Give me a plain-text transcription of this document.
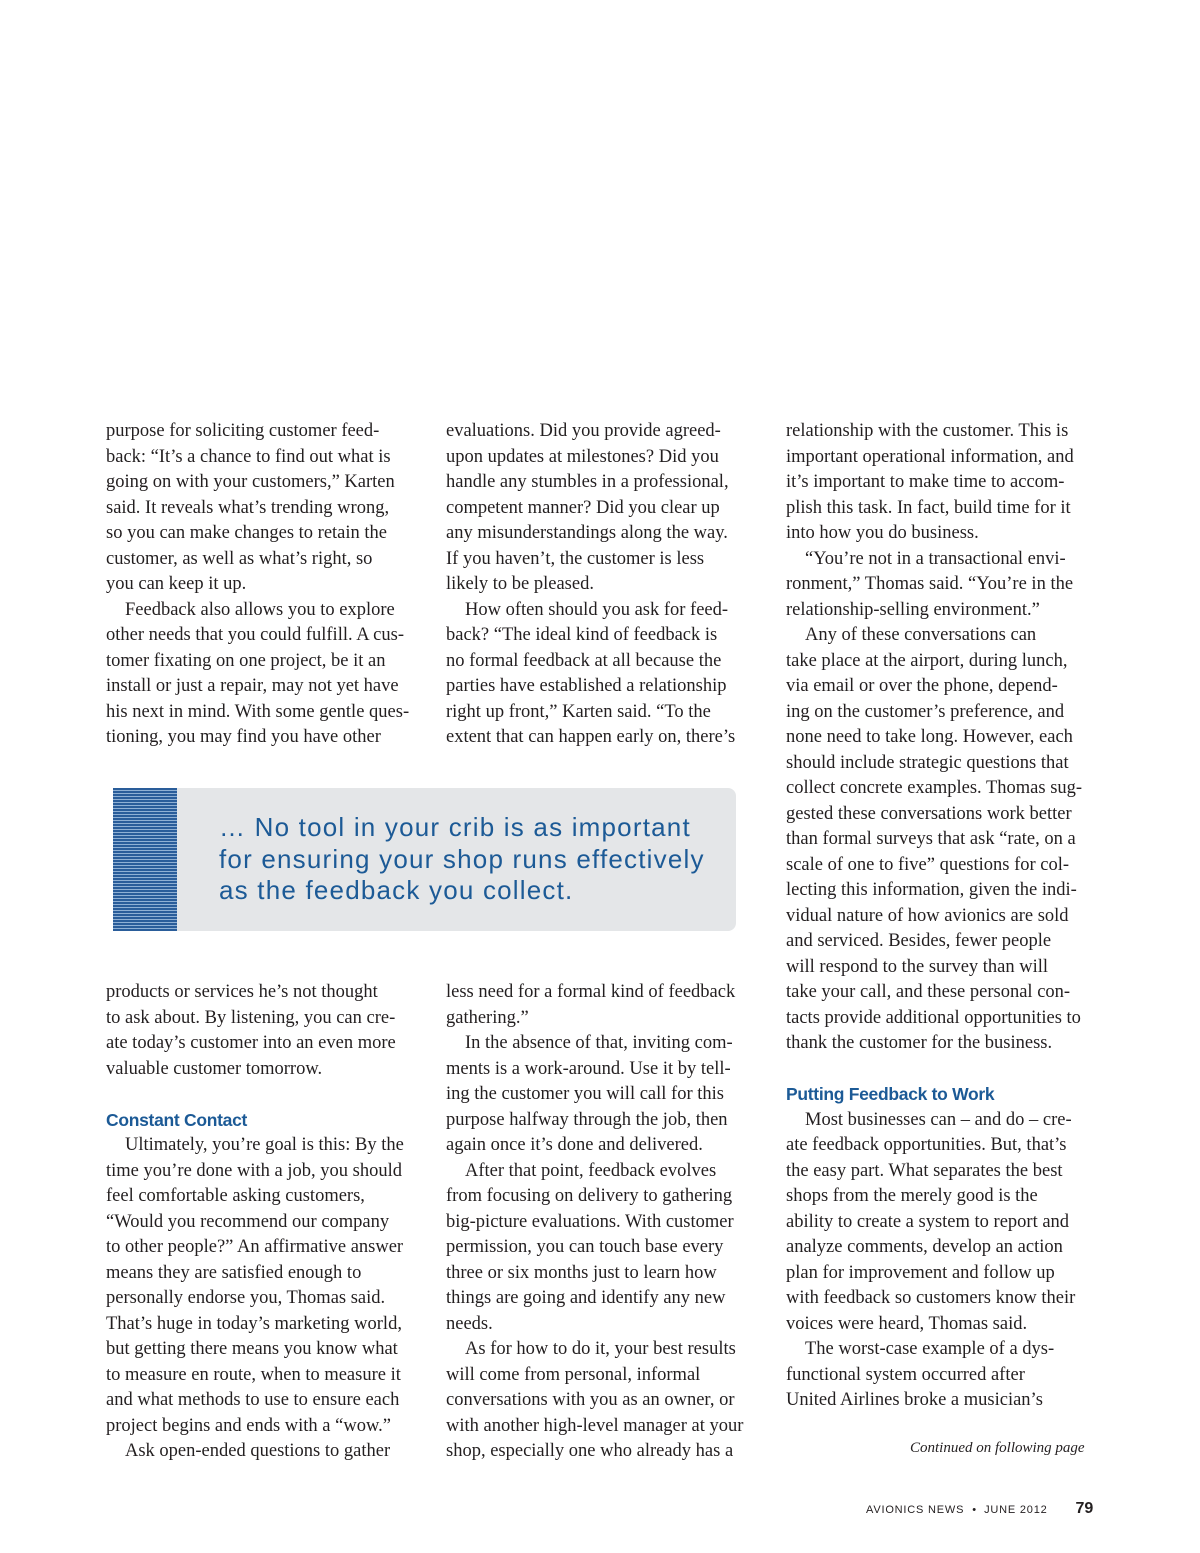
purpose for soliciting customer feed-
back: “It’s a chance to find out what is
going on with your customers,” Karten
said. It reveals what’s trending wrong,
so you can make changes to retain the
customer, as well as what’s right, so
you can keep it up.
Feedback also allows you to explore
other needs that you could fulfill. A cus-
tomer fixating on one project, be it an
install or just a repair, may not yet have
his next in mind. With some gentle ques-
tioning, you may find you have other
products or services he’s not thought
to ask about. By listening, you can cre-
ate today’s customer into an even more
valuable customer tomorrow.
Constant Contact
Ultimately, you’re goal is this: By the
time you’re done with a job, you should
feel comfortable asking customers,
“Would you recommend our company
to other people?” An affirmative answer
means they are satisfied enough to
personally endorse you, Thomas said.
That’s huge in today’s marketing world,
but getting there means you know what
to measure en route, when to measure it
and what methods to use to ensure each
project begins and ends with a “wow.”
Ask open-ended questions to gather
evaluations. Did you provide agreed-
upon updates at milestones? Did you
handle any stumbles in a professional,
competent manner? Did you clear up
any misunderstandings along the way.
If you haven’t, the customer is less
likely to be pleased.
How often should you ask for feed-
back? “The ideal kind of feedback is
no formal feedback at all because the
parties have established a relationship
right up front,” Karten said. “To the
extent that can happen early on, there’s
less need for a formal kind of feedback
gathering.”
In the absence of that, inviting com-
ments is a work-around. Use it by tell-
ing the customer you will call for this
purpose halfway through the job, then
again once it’s done and delivered.
After that point, feedback evolves
from focusing on delivery to gathering
big-picture evaluations. With customer
permission, you can touch base every
three or six months just to learn how
things are going and identify any new
needs.
As for how to do it, your best results
will come from personal, informal
conversations with you as an owner, or
with another high-level manager at your
shop, especially one who already has a
relationship with the customer. This is
important operational information, and
it’s important to make time to accom-
plish this task. In fact, build time for it
into how you do business.
“You’re not in a transactional envi-
ronment,” Thomas said. “You’re in the
relationship-selling environment.”
Any of these conversations can
take place at the airport, during lunch,
via email or over the phone, depend-
ing on the customer’s preference, and
none need to take long. However, each
should include strategic questions that
collect concrete examples. Thomas sug-
gested these conversations work better
than formal surveys that ask “rate, on a
scale of one to five” questions for col-
lecting this information, given the indi-
vidual nature of how avionics are sold
and serviced. Besides, fewer people
will respond to the survey than will
take your call, and these personal con-
tacts provide additional opportunities to
thank the customer for the business.
Putting Feedback to Work
Most businesses can – and do – cre-
ate feedback opportunities. But, that’s
the easy part. What separates the best
shops from the merely good is the
ability to create a system to report and
analyze comments, develop an action
plan for improvement and follow up
with feedback so customers know their
voices were heard, Thomas said.
The worst-case example of a dys-
functional system occurred after
United Airlines broke a musician’s
… No tool in your crib is as important
for ensuring your shop runs effectively
as the feedback you collect.
Continued on following page
AVIONICS NEWS • JUNE 2012 79
